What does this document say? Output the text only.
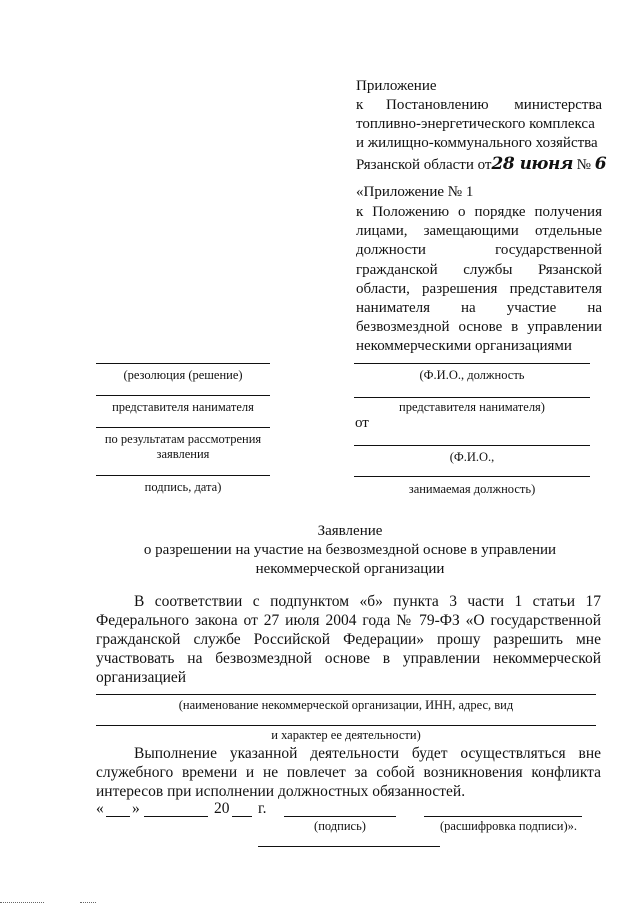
Приложение
к Постановлению министерства
топливно-энергетического комплекса
и жилищно-коммунального хозяйства
Рязанской области от28 июня № 6
«Приложение № 1
к Положению о порядке получения
лицами, замещающими отдельные
должности государственной
гражданской службы Рязанской
области, разрешения представителя
нанимателя на участие на
безвозмездной основе в управлении
некоммерческими организациями
(резолюция (решение)
представителя нанимателя
по результатам рассмотрения
заявления
подпись, дата)
(Ф.И.О., должность
представителя нанимателя)
от
(Ф.И.О.,
занимаемая должность)
Заявление
о разрешении на участие на безвозмездной основе в управлении
некоммерческой организации
В соответствии с подпунктом «б» пункта 3 части 1 статьи 17
Федерального закона от 27 июля 2004 года № 79-ФЗ «О государственной
гражданской службе Российской Федерации» прошу разрешить мне
участвовать на безвозмездной основе в управлении некоммерческой
организацией
(наименование некоммерческой организации, ИНН, адрес, вид
и характер ее деятельности)
Выполнение указанной деятельности будет осуществляться вне
служебного времени и не повлечет за собой возникновения конфликта
интересов при исполнении должностных обязанностей.
« »	20 г.
(подпись)	(расшифровка подписи)».
